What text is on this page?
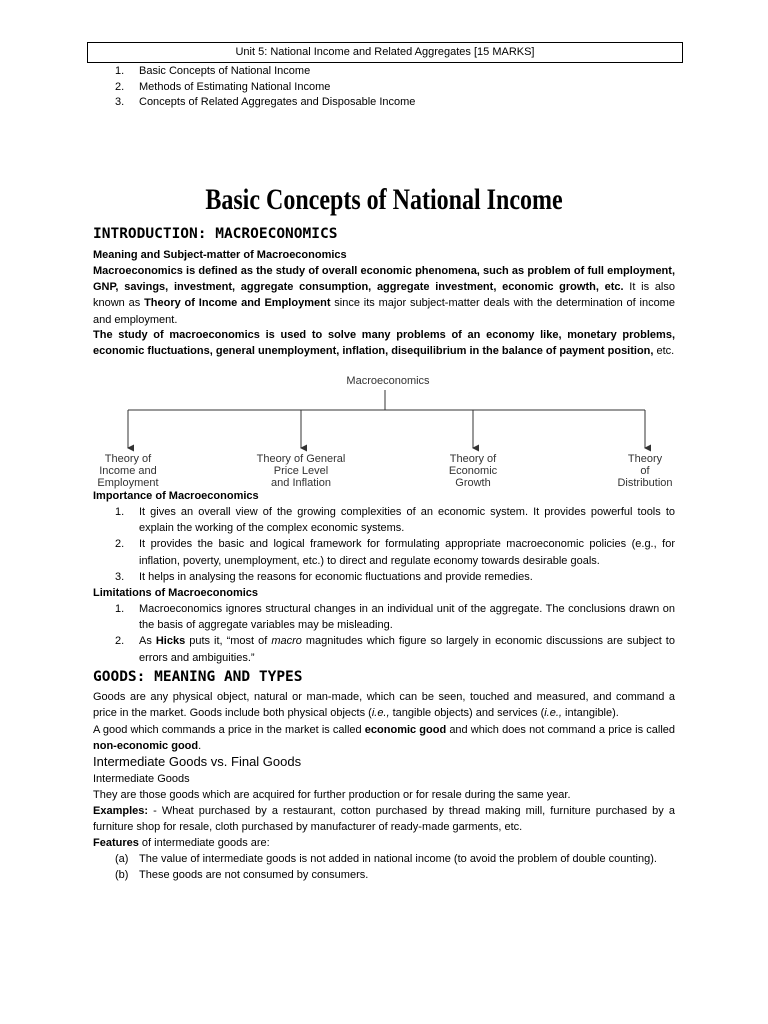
Unit 5: National Income and Related Aggregates [15 MARKS]
1. Basic Concepts of National Income
2. Methods of Estimating National Income
3. Concepts of Related Aggregates and Disposable Income
Basic Concepts of National Income
INTRODUCTION: MACROECONOMICS
Meaning and Subject-matter of Macroeconomics
Macroeconomics is defined as the study of overall economic phenomena, such as problem of full employment, GNP, savings, investment, aggregate consumption, aggregate investment, economic growth, etc. It is also known as Theory of Income and Employment since its major subject-matter deals with the determination of income and employment.
The study of macroeconomics is used to solve many problems of an economy like, monetary problems, economic fluctuations, general unemployment, inflation, disequilibrium in the balance of payment position, etc.
Macroeconomics
Theory of
Income and
Employment
Theory of General
Price Level
and Inflation
Theory of
Economic
Growth
Theory
of
Distribution
Importance of Macroeconomics
1. It gives an overall view of the growing complexities of an economic system. It provides powerful tools to explain the working of the complex economic systems.
2. It provides the basic and logical framework for formulating appropriate macroeconomic policies (e.g., for inflation, poverty, unemployment, etc.) to direct and regulate economy towards desirable goals.
3. It helps in analysing the reasons for economic fluctuations and provide remedies.
Limitations of Macroeconomics
1. Macroeconomics ignores structural changes in an individual unit of the aggregate. The conclusions drawn on the basis of aggregate variables may be misleading.
2. As Hicks puts it, “most of macro magnitudes which figure so largely in economic discussions are subject to errors and ambiguities.”
GOODS: MEANING AND TYPES
Goods are any physical object, natural or man-made, which can be seen, touched and measured, and command a price in the market. Goods include both physical objects (i.e., tangible objects) and services (i.e., intangible).
A good which commands a price in the market is called economic good and which does not command a price is called non-economic good.
Intermediate Goods vs. Final Goods
Intermediate Goods
They are those goods which are acquired for further production or for resale during the same year.
Examples: - Wheat purchased by a restaurant, cotton purchased by thread making mill, furniture purchased by a furniture shop for resale, cloth purchased by manufacturer of ready-made garments, etc.
Features of intermediate goods are:
(a) The value of intermediate goods is not added in national income (to avoid the problem of double counting).
(b) These goods are not consumed by consumers.
